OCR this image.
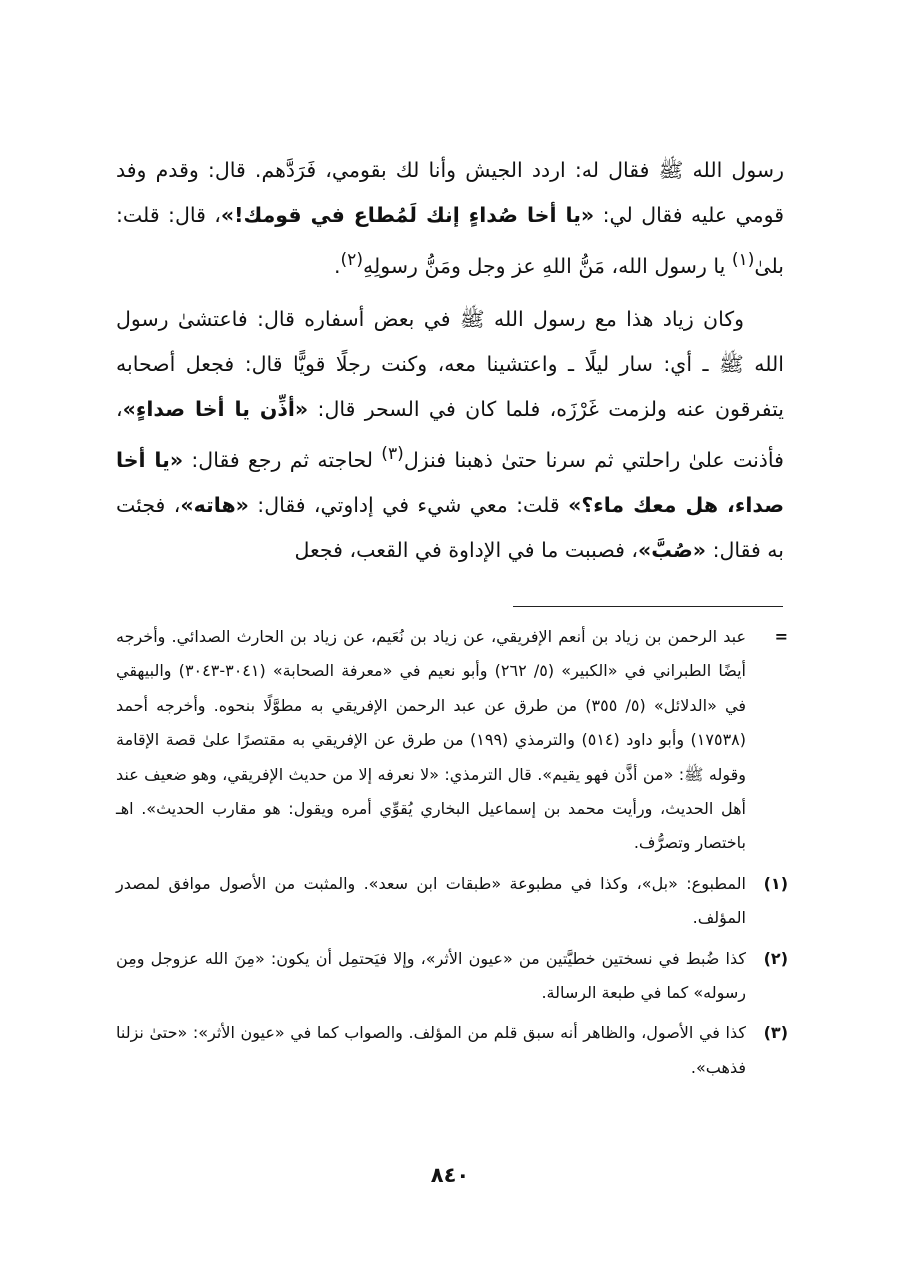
رسول الله ﷺ فقال له: اردد الجيش وأنا لك بقومي، فَرَدَّهم. قال: وقدم وفد قومي عليه فقال لي: «يا أخا صُداءٍ إنك لَمُطاع في قومك!»، قال: قلت: بلىٰ$^{(١)}$ يا رسول الله، مَنُّ اللهِ عز وجل ومَنُّ رسولِهِ$^{(٢)}$.

وكان زياد هذا مع رسول الله ﷺ في بعض أسفاره قال: فاعتشىٰ رسول الله ﷺ ـ أي: سار ليلًا ـ واعتشينا معه، وكنت رجلًا قويًّا قال: فجعل أصحابه يتفرقون عنه ولزمت غَرْزَه، فلما كان في السحر قال: «أذِّن يا أخا صداءٍ»، فأذنت علىٰ راحلتي ثم سرنا حتىٰ ذهبنا فنزل$^{(٣)}$ لحاجته ثم رجع فقال: «يا أخا صداء، هل معك ماء؟» قلت: معي شيء في إداوتي، فقال: «هاته»، فجئت به فقال: «صُبَّ»، فصببت ما في الإداوة في القعب، فجعل

=
عبد الرحمن بن زياد بن أنعم الإفريقي، عن زياد بن نُعَيم، عن زياد بن الحارث الصدائي. وأخرجه أيضًا الطبراني في «الكبير» (٥/ ٢٦٢) وأبو نعيم في «معرفة الصحابة» (٣٠٤١-٣٠٤٣) والبيهقي في «الدلائل» (٥/ ٣٥٥) من طرق عن عبد الرحمن الإفريقي به مطوَّلًا بنحوه. وأخرجه أحمد (١٧٥٣٨) وأبو داود (٥١٤) والترمذي (١٩٩) من طرق عن الإفريقي به مقتصرًا علىٰ قصة الإقامة وقوله ﷺ: «من أذَّن فهو يقيم». قال الترمذي: «لا نعرفه إلا من حديث الإفريقي، وهو ضعيف عند أهل الحديث، ورأيت محمد بن إسماعيل البخاري يُقوِّي أمره ويقول: هو مقارب الحديث». اهـ باختصار وتصرُّف.
(١)
المطبوع: «بل»، وكذا في مطبوعة «طبقات ابن سعد». والمثبت من الأصول موافق لمصدر المؤلف.
(٢)
كذا ضُبط في نسختين خطيَّتين من «عيون الأثر»، وإلا فيَحتمِل أن يكون: «مِنَ الله عزوجل ومِن رسوله» كما في طبعة الرسالة.
(٣)
كذا في الأصول، والظاهر أنه سبق قلم من المؤلف. والصواب كما في «عيون الأثر»: «حتىٰ نزلنا فذهب».
٨٤٠
